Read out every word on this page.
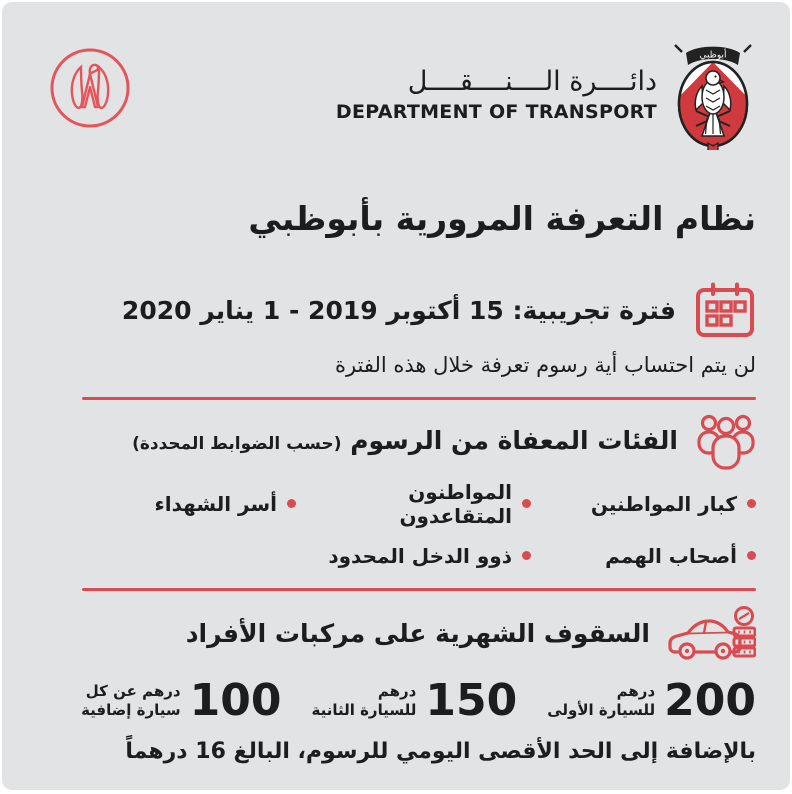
دائــــرة الــــنــــقــــل
DEPARTMENT OF TRANSPORT
أبوظبي
نظام التعرفة المرورية بأبوظبي
فترة تجريبية: 15 أكتوبر 2019 - 1 يناير 2020
لن يتم احتساب أية رسوم تعرفة خلال هذه الفترة
الفئات المعفاة من الرسوم (حسب الضوابط المحددة)
كبار المواطنين
المواطنون المتقاعدون
أسر الشهداء
أصحاب الهمم
ذوو الدخل المحدود
السقوف الشهرية على مركبات الأفراد
200
درهم
للسيارة الأولى
150
درهم
للسيارة الثانية
100
درهم عن كل
سيارة إضافية
بالإضافة إلى الحد الأقصى اليومي للرسوم، البالغ 16 درهماً
